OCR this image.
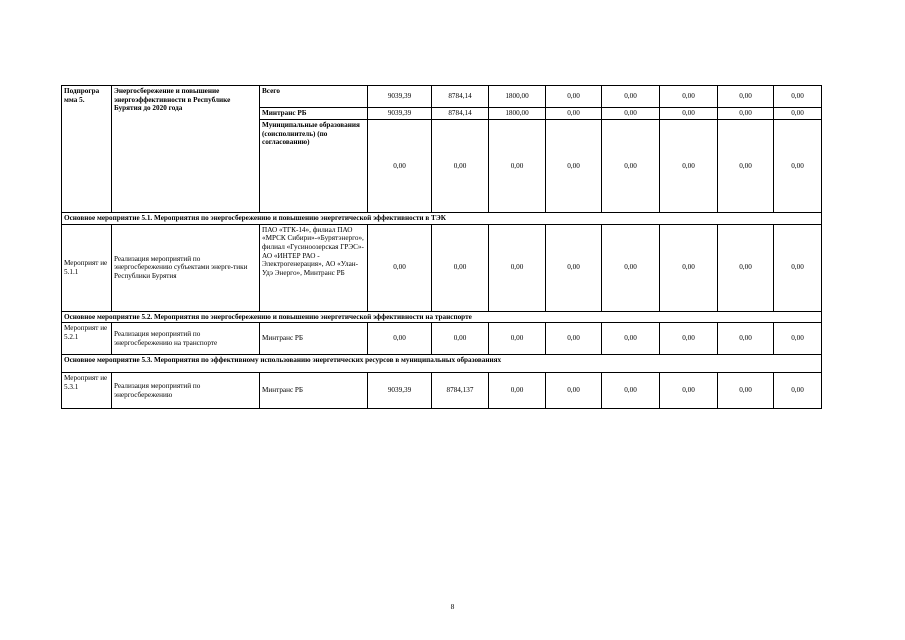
Подпрогра мма 5.	Энергосбережение и повышение энергоэффективности в Республике Бурятия до 2020 года	Всего	9039,39	8784,14	1800,00	0,00	0,00	0,00	0,00	0,00
		Минтранс РБ	9039,39	8784,14	1800,00	0,00	0,00	0,00	0,00	0,00
		Муниципальные образования (соисполнитель) (по согласованию)	0,00	0,00	0,00	0,00	0,00	0,00	0,00	0,00
Основное мероприятие 5.1. Мероприятия по энергосбережению и повышению энергетической эффективности в ТЭК										
Мероприят ие 5.1.1	Реализация мероприятий по энергосбережению субъектами энерге-тики Республики Бурятия	ПАО «ТГК-14», филиал ПАО «МРСК Сибири»-«Бурятэнерго», филиал «Гусиноозерская ГРЭС»-АО «ИНТЕР РАО - Электрогенерация», АО «Улан-Удэ Энерго», Минтранс РБ	0,00	0,00	0,00	0,00	0,00	0,00	0,00	0,00
Основное мероприятие 5.2. Мероприятия по энергосбережению и повышению энергетической эффективности на транспорте										
Мероприят ие 5.2.1	Реализация мероприятий по энергосбережению на транспорте	Минтранс РБ	0,00	0,00	0,00	0,00	0,00	0,00	0,00	0,00
Основное мероприятие 5.3. Мероприятия по эффективному использованию энергетических ресурсов в муниципальных образованиях										
Мероприят ие 5.3.1	Реализация мероприятий по энергосбережению	Минтранс РБ	9039,39	8784,137	0,00	0,00	0,00	0,00	0,00	0,00
8
